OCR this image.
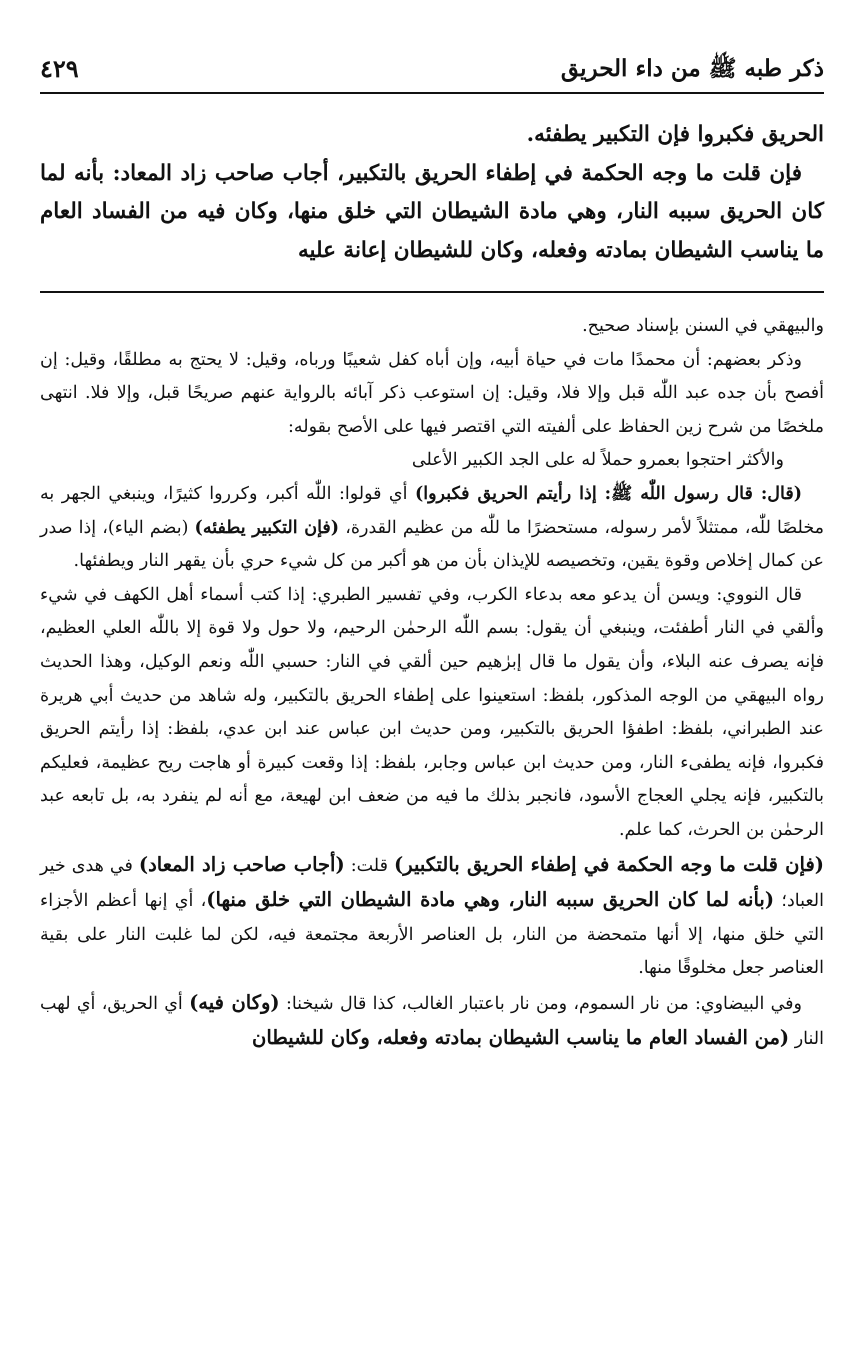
ذكر طبه ﷺ من داء الحريق
٤٢٩

الحريق فكبروا فإن التكبير يطفئه.

فإن قلت ما وجه الحكمة في إطفاء الحريق بالتكبير، أجاب صاحب زاد المعاد: بأنه لما كان الحريق سببه النار، وهي مادة الشيطان التي خلق منها، وكان فيه من الفساد العام ما يناسب الشيطان بمادته وفعله، وكان للشيطان إعانة عليه

والبيهقي في السنن بإسناد صحيح.

وذكر بعضهم: أن محمدًا مات في حياة أبيه، وإن أباه كفل شعيبًا ورباه، وقيل: لا يحتج به مطلقًا، وقيل: إن أفصح بأن جده عبد اللّٰه قبل وإلا فلا، وقيل: إن استوعب ذكر آبائه بالرواية عنهم صريحًا قبل، وإلا فلا. انتهى ملخصًا من شرح زين الحفاظ على ألفيته التي اقتصر فيها على الأصح بقوله:

والأكثر احتجوا بعمرو حملاً له على الجد الكبير الأعلى

(قال: قال رسول اللّٰه ﷺ: إذا رأيتم الحريق فكبروا) أي قولوا: اللّٰه أكبر، وكرروا كثيرًا، وينبغي الجهر به مخلصًا للّٰه، ممتثلاً لأمر رسوله، مستحضرًا ما للّٰه من عظيم القدرة، (فإن التكبير يطفئه) (بضم الياء)، إذا صدر عن كمال إخلاص وقوة يقين، وتخصيصه للإيذان بأن من هو أكبر من كل شيء حري بأن يقهر النار ويطفئها.

قال النووي: ويسن أن يدعو معه بدعاء الكرب، وفي تفسير الطبري: إذا كتب أسماء أهل الكهف في شيء وألقي في النار أطفئت، وينبغي أن يقول: بسم اللّٰه الرحمٰن الرحيم، ولا حول ولا قوة إلا باللّٰه العلي العظيم، فإنه يصرف عنه البلاء، وأن يقول ما قال إبرٰهيم حين ألقي في النار: حسبي اللّٰه ونعم الوكيل، وهذا الحديث رواه البيهقي من الوجه المذكور، بلفظ: استعينوا على إطفاء الحريق بالتكبير، وله شاهد من حديث أبي هريرة عند الطبراني، بلفظ: اطفؤا الحريق بالتكبير، ومن حديث ابن عباس عند ابن عدي، بلفظ: إذا رأيتم الحريق فكبروا، فإنه يطفىء النار، ومن حديث ابن عباس وجابر، بلفظ: إذا وقعت كبيرة أو هاجت ريح عظيمة، فعليكم بالتكبير، فإنه يجلي العجاج الأسود، فانجبر بذلك ما فيه من ضعف ابن لهيعة، مع أنه لم ينفرد به، بل تابعه عبد الرحمٰن بن الحرث، كما علم.

(فإن قلت ما وجه الحكمة في إطفاء الحريق بالتكبير) قلت: (أجاب صاحب زاد المعاد) في هدى خير العباد؛ (بأنه لما كان الحريق سببه النار، وهي مادة الشيطان التي خلق منها)، أي إنها أعظم الأجزاء التي خلق منها، إلا أنها متمحضة من النار، بل العناصر الأربعة مجتمعة فيه، لكن لما غلبت النار على بقية العناصر جعل مخلوقًا منها.

وفي البيضاوي: من نار السموم، ومن نار باعتبار الغالب، كذا قال شيخنا: (وكان فيه) أي الحريق، أي لهب النار (من الفساد العام ما يناسب الشيطان بمادته وفعله، وكان للشيطان
